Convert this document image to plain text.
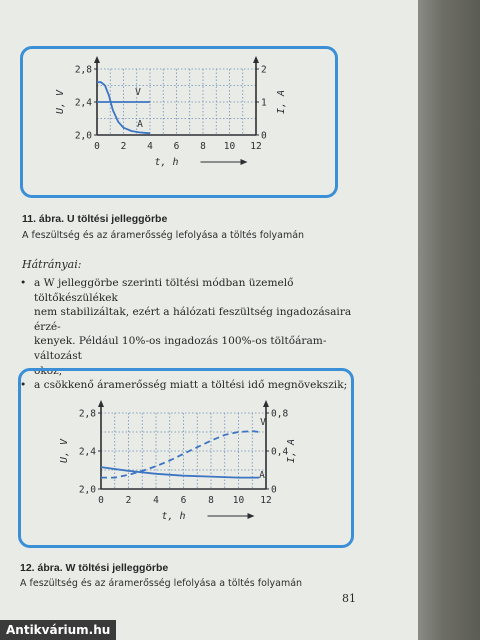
2,8	2
2,4	1
2,0	0
0 2 4 6 8 10 12
U, V	I, A
t, h
V
A
11. ábra. U töltési jelleggörbe
A feszültség és az áramerősség lefolyása a töltés folyamán
Hátrányai:
• a W jelleggörbe szerinti töltési módban üzemelő töltőkészülékek
nem stabilizáltak, ezért a hálózati feszültség ingadozásaira érzé-
kenyek. Például 10%-os ingadozás 100%-os töltőáram-változást
okoz;
• a csökkenő áramerősség miatt a töltési idő megnövekszik;
2,8	0,8
2,4	0,4
2,0	0
0 2 4 6 8 10 12
U, V	I, A
t, h
V
A
12. ábra. W töltési jelleggörbe
A feszültség és az áramerősség lefolyása a töltés folyamán
81
Antikvárium.hu
